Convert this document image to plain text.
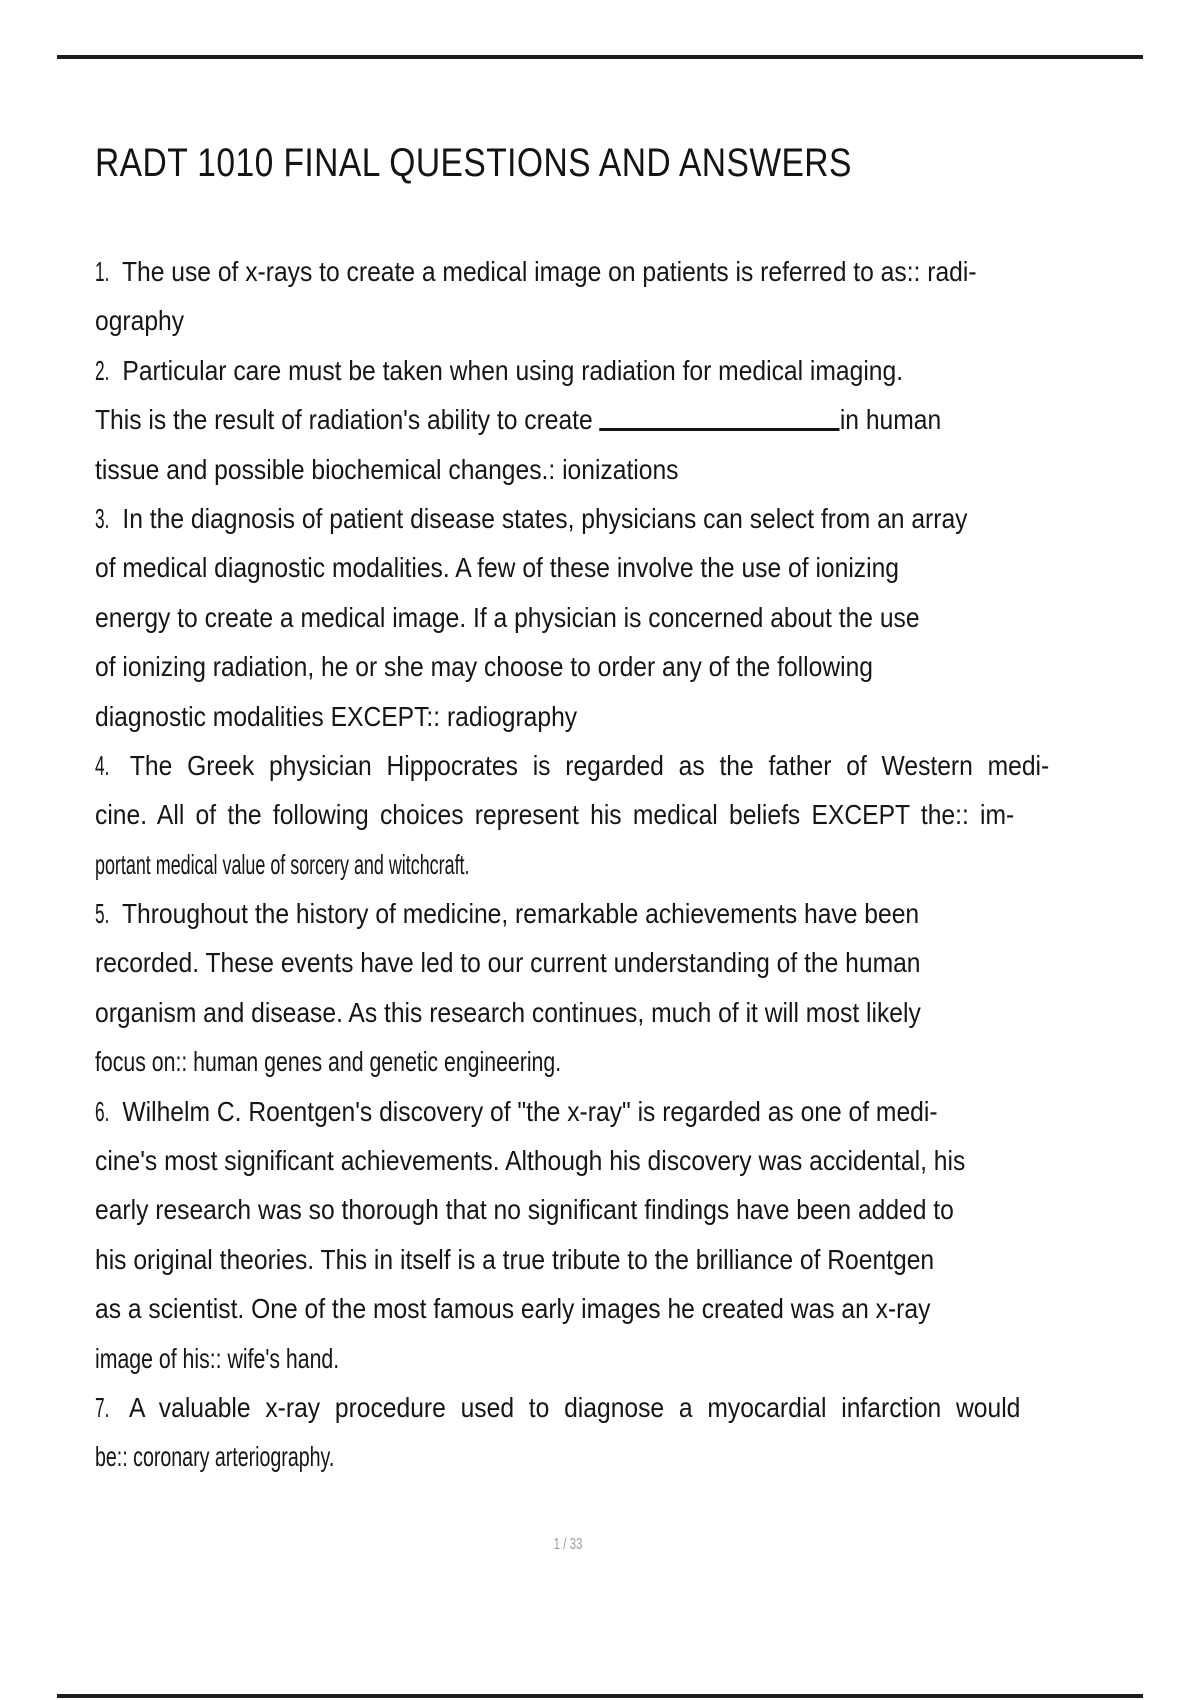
RADT 1010 FINAL QUESTIONS AND ANSWERS
1. The use of x-rays to create a medical image on patients is referred to as:: radi-
ography
2. Particular care must be taken when using radiation for medical imaging.
This is the result of radiation's ability to create	in human
tissue and possible biochemical changes.: ionizations
3. In the diagnosis of patient disease states, physicians can select from an array
of medical diagnostic modalities. A few of these involve the use of ionizing
energy to create a medical image. If a physician is concerned about the use
of ionizing radiation, he or she may choose to order any of the following
diagnostic modalities EXCEPT:: radiography
4. The Greek physician Hippocrates is regarded as the father of Western medi-
cine. All of the following choices represent his medical beliefs EXCEPT the:: im-
portant medical value of sorcery and witchcraft.
5. Throughout the history of medicine, remarkable achievements have been
recorded. These events have led to our current understanding of the human
organism and disease. As this research continues, much of it will most likely
focus on:: human genes and genetic engineering.
6. Wilhelm C. Roentgen's discovery of "the x-ray" is regarded as one of medi-
cine's most significant achievements. Although his discovery was accidental, his
early research was so thorough that no significant findings have been added to
his original theories. This in itself is a true tribute to the brilliance of Roentgen
as a scientist. One of the most famous early images he created was an x-ray
image of his:: wife's hand.
7. A valuable x-ray procedure used to diagnose a myocardial infarction would
be:: coronary arteriography.
1 / 33
